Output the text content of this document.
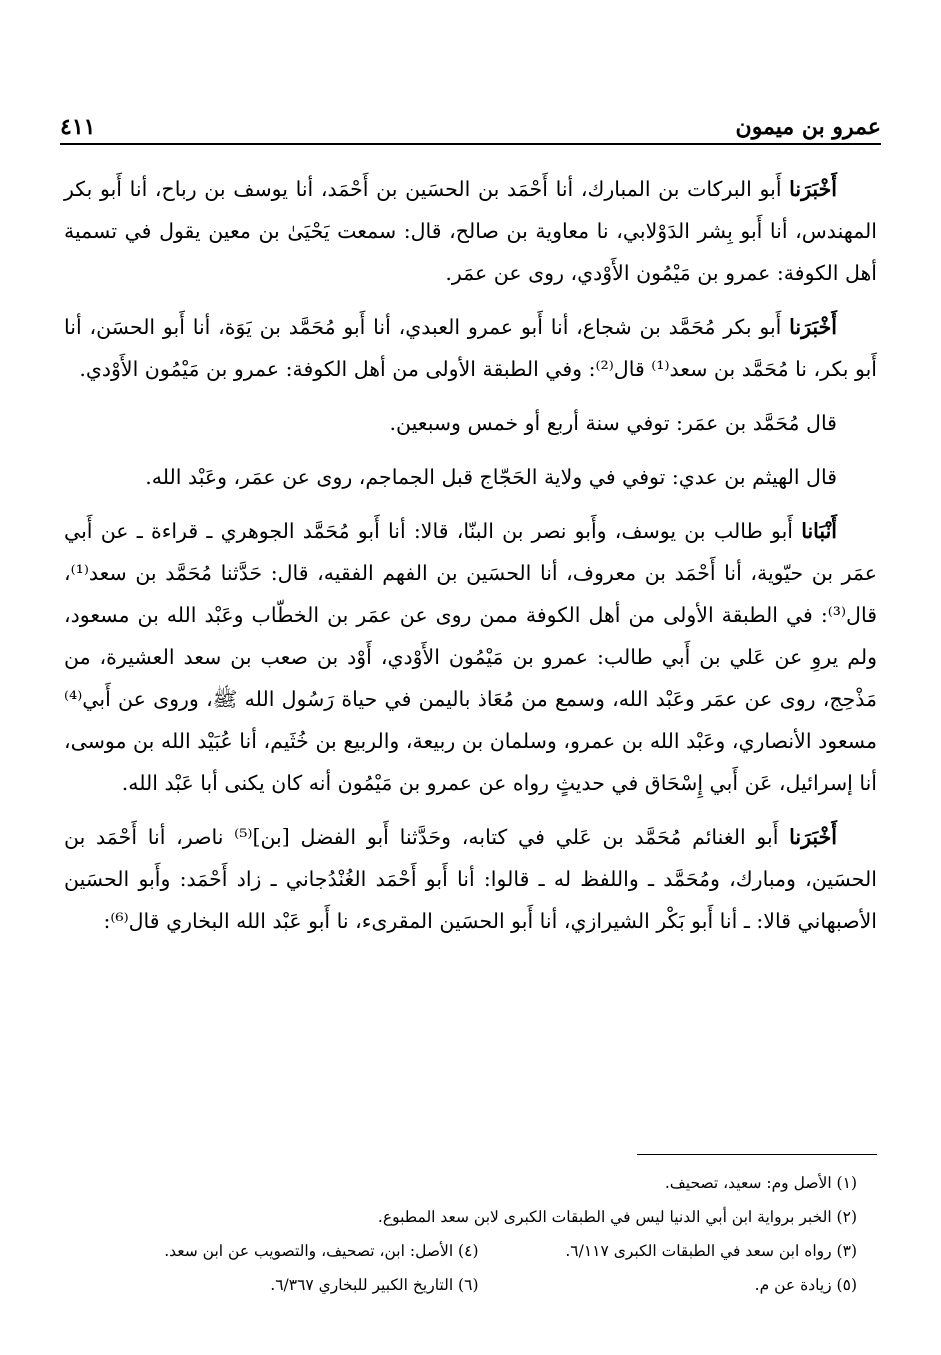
عمرو بن ميمون
٤١١

أَخْبَرَنا أَبو البركات بن المبارك، أنا أَحْمَد بن الحسَين بن أَحْمَد، أنا يوسف بن رباح، أنا أَبو بكر المهندس، أنا أَبو بِشر الدَوْلابي، نا معاوية بن صالح، قال: سمعت يَحْيَىٰ بن معين يقول في تسمية أهل الكوفة: عمرو بن مَيْمُون الأَوْدي، روى عن عمَر.

أَخْبَرَنا أَبو بكر مُحَمَّد بن شجاع، أنا أَبو عمرو العبدي، أنا أَبو مُحَمَّد بن يَوَة، أنا أَبو الحسَن، أنا أَبو بكر، نا مُحَمَّد بن سعد⁽¹⁾ قال⁽²⁾: وفي الطبقة الأولى من أهل الكوفة: عمرو بن مَيْمُون الأَوْدي.

قال مُحَمَّد بن عمَر: توفي سنة أربع أو خمس وسبعين.

قال الهيثم بن عدي: توفي في ولاية الحَجّاج قبل الجماجم، روى عن عمَر، وعَبْد الله.

أَنْبَانا أَبو طالب بن يوسف، وأَبو نصر بن البنّا، قالا: أنا أَبو مُحَمَّد الجوهري ـ قراءة ـ عن أَبي عمَر بن حيّوية، أنا أَحْمَد بن معروف، أنا الحسَين بن الفهم الفقيه، قال: حَدَّثنا مُحَمَّد بن سعد⁽¹⁾، قال⁽³⁾: في الطبقة الأولى من أهل الكوفة ممن روى عن عمَر بن الخطّاب وعَبْد الله بن مسعود، ولم يروِ عن عَلي بن أَبي طالب: عمرو بن مَيْمُون الأَوْدي، أَوْد بن صعب بن سعد العشيرة، من مَذْحِج، روى عن عمَر وعَبْد الله، وسمع من مُعَاذ باليمن في حياة رَسُول الله ﷺ، وروى عن أَبي⁽⁴⁾ مسعود الأنصاري، وعَبْد الله بن عمرو، وسلمان بن ربيعة، والربيع بن خُثَيم، أنا عُبَيْد الله بن موسى، أنا إسرائيل، عَن أَبي إِسْحَاق في حديثٍ رواه عن عمرو بن مَيْمُون أنه كان يكنى أبا عَبْد الله.

أَخْبَرَنا أَبو الغنائم مُحَمَّد بن عَلي في كتابه، وحَدَّثنا أَبو الفضل [بن]⁽⁵⁾ ناصر، أنا أَحْمَد بن الحسَين، ومبارك، ومُحَمَّد ـ واللفظ له ـ قالوا: أنا أَبو أَحْمَد الغُنْدُجاني ـ زاد أَحْمَد: وأَبو الحسَين الأصبهاني قالا: ـ أنا أَبو بَكْر الشيرازي، أنا أَبو الحسَين المقرىء، نا أَبو عَبْد الله البخاري قال⁽⁶⁾:

(١) الأصل وم: سعيد، تصحيف.
(٢) الخبر برواية ابن أبي الدنيا ليس في الطبقات الكبرى لابن سعد المطبوع.
(٣) رواه ابن سعد في الطبقات الكبرى ٦/١١٧.
(٤) الأصل: ابن، تصحيف، والتصويب عن ابن سعد.
(٥) زيادة عن م.
(٦) التاريخ الكبير للبخاري ٦/٣٦٧.
